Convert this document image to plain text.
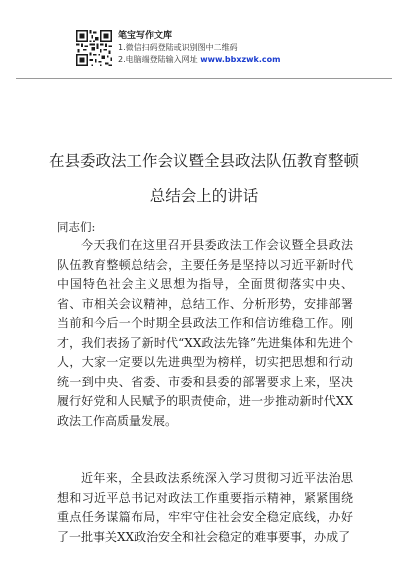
笔宝写作文库
1.微信扫码登陆或识别图中二维码
2.电脑端登陆输入网址 www.bbxzwk.com
在县委政法工作会议暨全县政法队伍教育整顿
总结会上的讲话
同志们:
今天我们在这里召开县委政法工作会议暨全县政法队伍教育整顿总结会，主要任务是坚持以习近平新时代中国特色社会主义思想为指导，全面贯彻落实中央、省、市相关会议精神，总结工作、分析形势，安排部署当前和今后一个时期全县政法工作和信访维稳工作。刚才，我们表扬了新时代“XX政法先锋”先进集体和先进个人，大家一定要以先进典型为榜样，切实把思想和行动统一到中央、省委、市委和县委的部署要求上来，坚决履行好党和人民赋予的职责使命，进一步推动新时代XX政法工作高质量发展。
近年来，全县政法系统深入学习贯彻习近平法治思想和习近平总书记对政法工作重要指示精神，紧紧围绕重点任务谋篇布局，牢牢守住社会安全稳定底线，办好了一批事关XX政治安全和社会稳定的难事要事，办成了
